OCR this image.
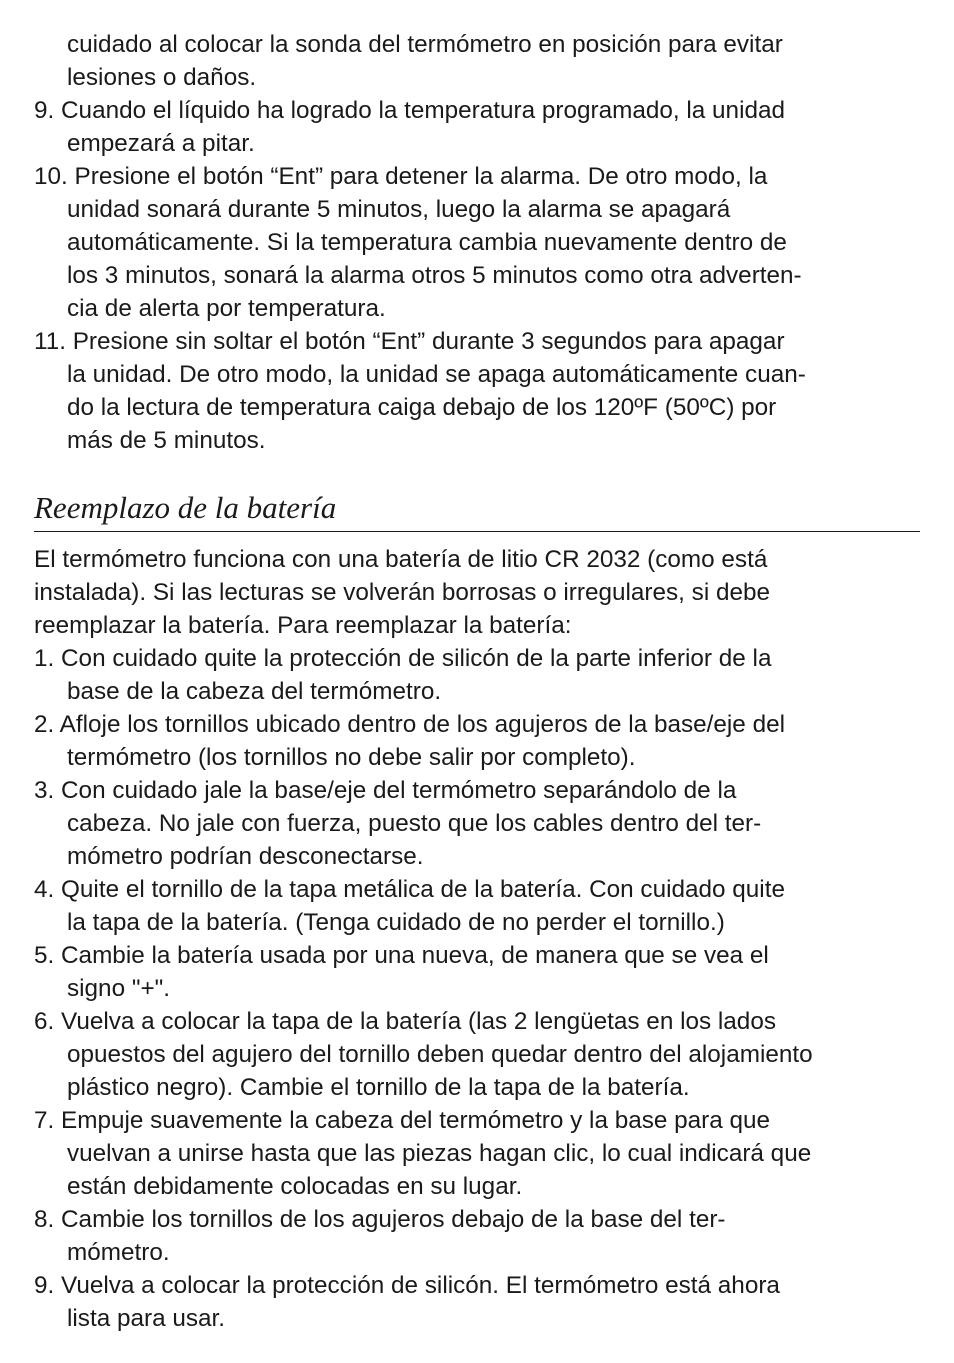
cuidado al colocar la sonda del termómetro en posición para evitar

lesiones o daños.

9. Cuando el líquido ha logrado la temperatura programado, la unidad

empezará a pitar.

10. Presione el botón “Ent” para detener la alarma. De otro modo, la

unidad sonará durante 5 minutos, luego la alarma se apagará

automáticamente. Si la temperatura cambia nuevamente dentro de

los 3 minutos, sonará la alarma otros 5 minutos como otra adverten-

cia de alerta por temperatura.

11. Presione sin soltar el botón “Ent” durante 3 segundos para apagar

la unidad. De otro modo, la unidad se apaga automáticamente cuan-

do la lectura de temperatura caiga debajo de los 120ºF (50ºC) por

más de 5 minutos.

Reemplazo de la batería

El termómetro funciona con una batería de litio CR 2032 (como está

instalada). Si las lecturas se volverán borrosas o irregulares, si debe

reemplazar la batería. Para reemplazar la batería:

1. Con cuidado quite la protección de silicón de la parte inferior de la

base de la cabeza del termómetro.

2. Afloje los tornillos ubicado dentro de los agujeros de la base/eje del

termómetro (los tornillos no debe salir por completo).

3. Con cuidado jale la base/eje del termómetro separándolo de la

cabeza. No jale con fuerza, puesto que los cables dentro del ter-

mómetro podrían desconectarse.

4. Quite el tornillo de la tapa metálica de la batería. Con cuidado quite

la tapa de la batería. (Tenga cuidado de no perder el tornillo.)

5. Cambie la batería usada por una nueva, de manera que se vea el

signo "+".

6. Vuelva a colocar la tapa de la batería (las 2 lengüetas en los lados

opuestos del agujero del tornillo deben quedar dentro del alojamiento

plástico negro). Cambie el tornillo de la tapa de la batería.

7. Empuje suavemente la cabeza del termómetro y la base para que

vuelvan a unirse hasta que las piezas hagan clic, lo cual indicará que

están debidamente colocadas en su lugar.

8. Cambie los tornillos de los agujeros debajo de la base del ter-

mómetro.

9. Vuelva a colocar la protección de silicón. El termómetro está ahora

lista para usar.
